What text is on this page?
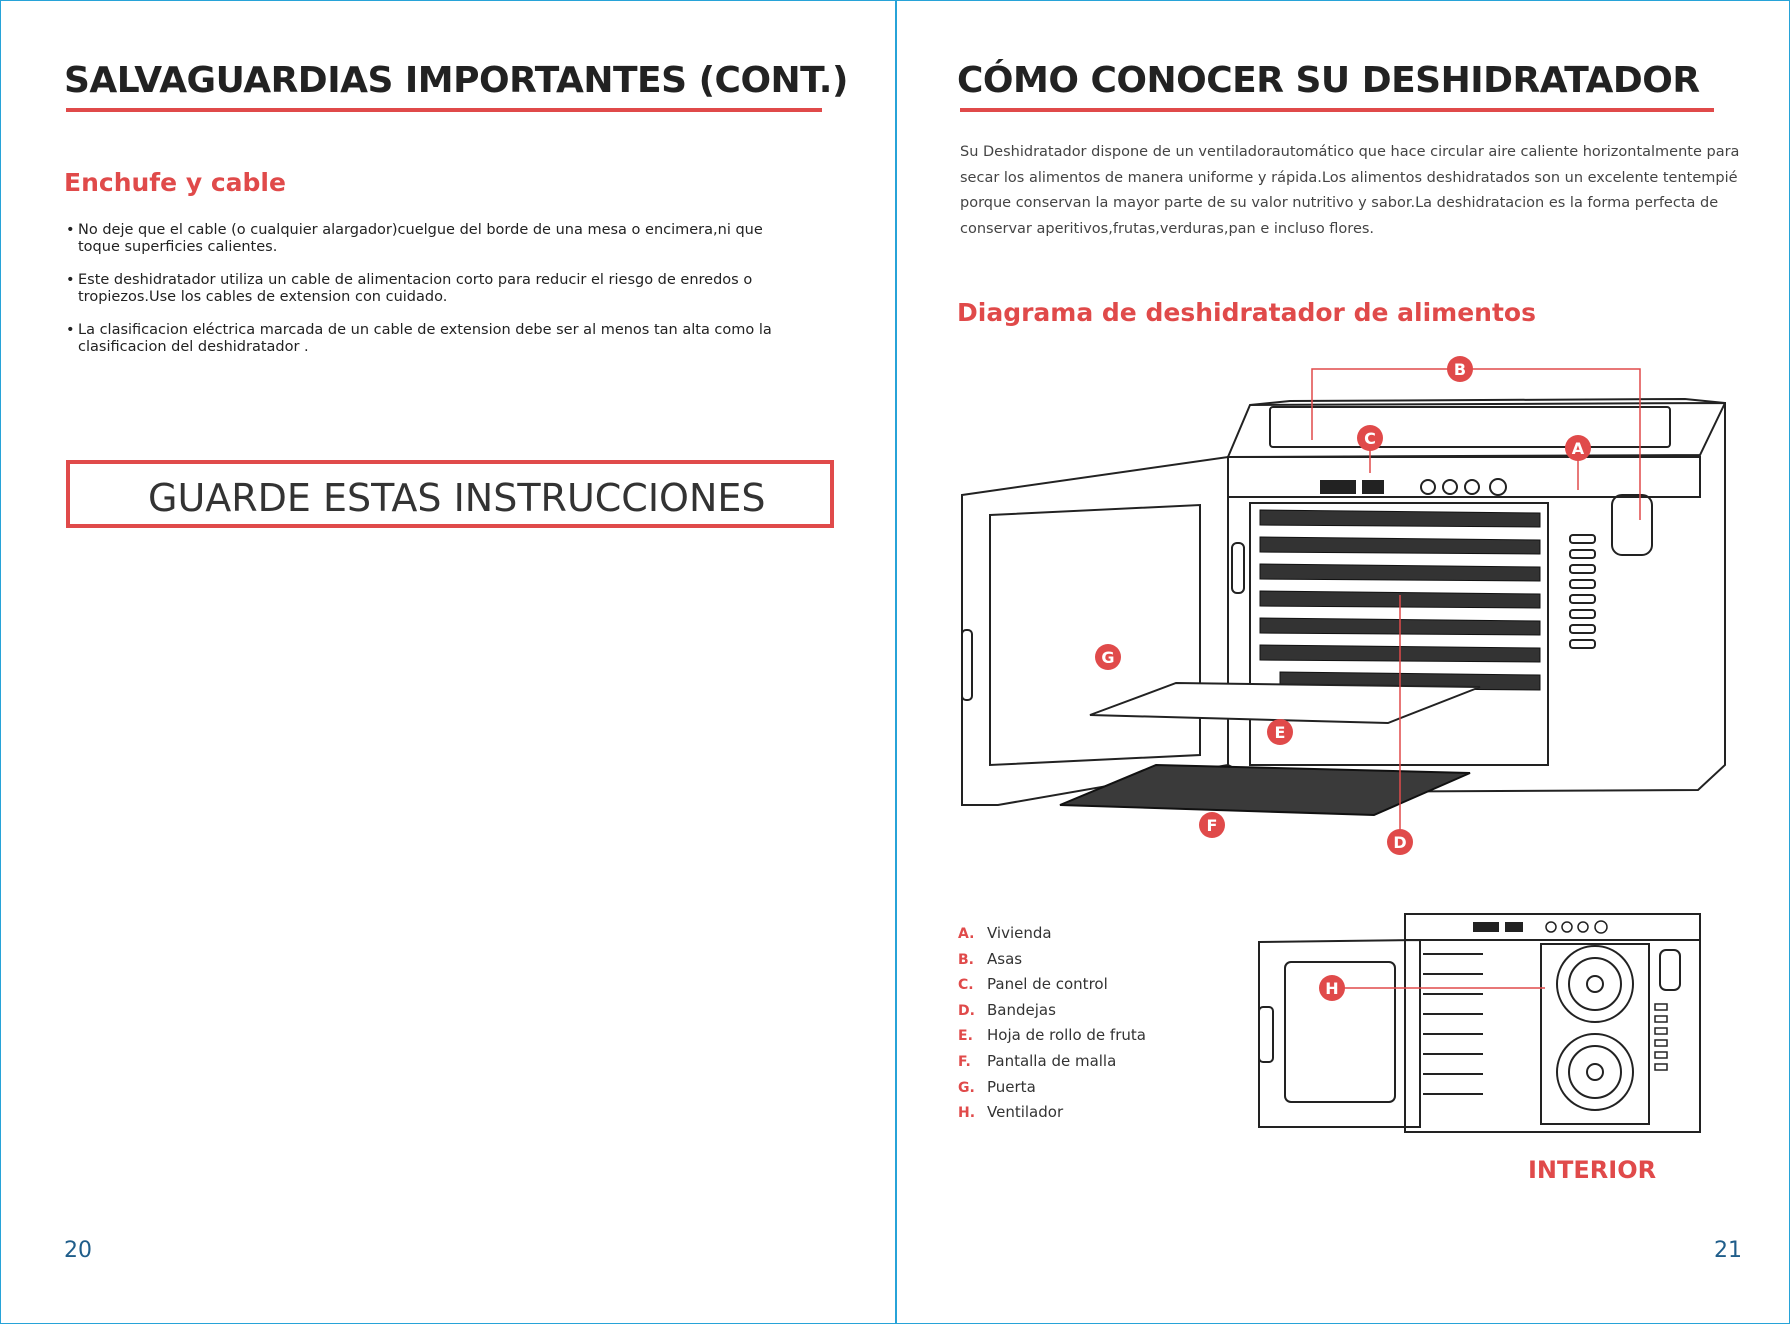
SALVAGUARDIAS IMPORTANTES (CONT.)
Enchufe y cable
• No deje que el cable (o cualquier alargador)cuelgue del borde de una mesa o encimera,ni que toque superficies calientes.
• Este deshidratador utiliza un cable de alimentacion corto para reducir el riesgo de enredos o tropiezos.Use los cables de extension con cuidado.
• La clasificacion eléctrica marcada de un cable de extension debe ser al menos tan alta como la clasificacion del deshidratador .
GUARDE ESTAS INSTRUCCIONES
20
CÓMO CONOCER SU DESHIDRATADOR
Su Deshidratador dispone de un ventiladorautomático que hace circular aire caliente horizontalmente para secar los alimentos de manera uniforme y rápida.Los alimentos deshidratados son un excelente tentempié porque conservan la mayor parte de su valor nutritivo y sabor.La deshidratacion es la forma perfecta de conservar aperitivos,frutas,verduras,pan e incluso flores.
Diagrama de deshidratador de alimentos
B
C
A
G
E
F
D
A. Vivienda
B. Asas
C. Panel de control
D. Bandejas
E. Hoja de rollo de fruta
F. Pantalla de malla
G. Puerta
H. Ventilador
H
INTERIOR
21
